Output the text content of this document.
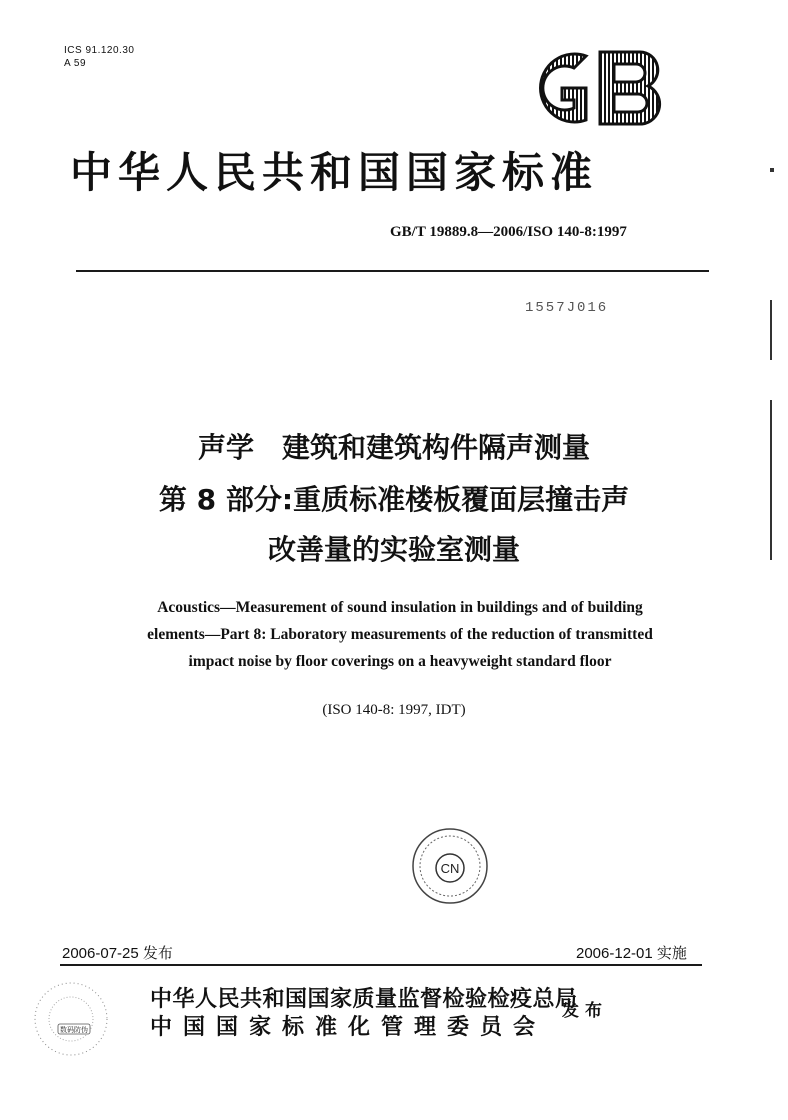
ICS 91.120.30
A 59
中华人民共和国国家标准
GB/T 19889.8—2006/ISO 140-8:1997
1557J016
声学　建筑和建筑构件隔声测量
第 8 部分:重质标准楼板覆面层撞击声
改善量的实验室测量
Acoustics—Measurement of sound insulation in buildings and of building
elements—Part 8: Laboratory measurements of the reduction of transmitted
impact noise by floor coverings on a heavyweight standard floor
(ISO 140-8: 1997, IDT)
CN
2006-07-25 发布	2006-12-01 实施
数码防伪
中华人民共和国国家质量监督检验检疫总局
中国国家标准化管理委员会
发布
